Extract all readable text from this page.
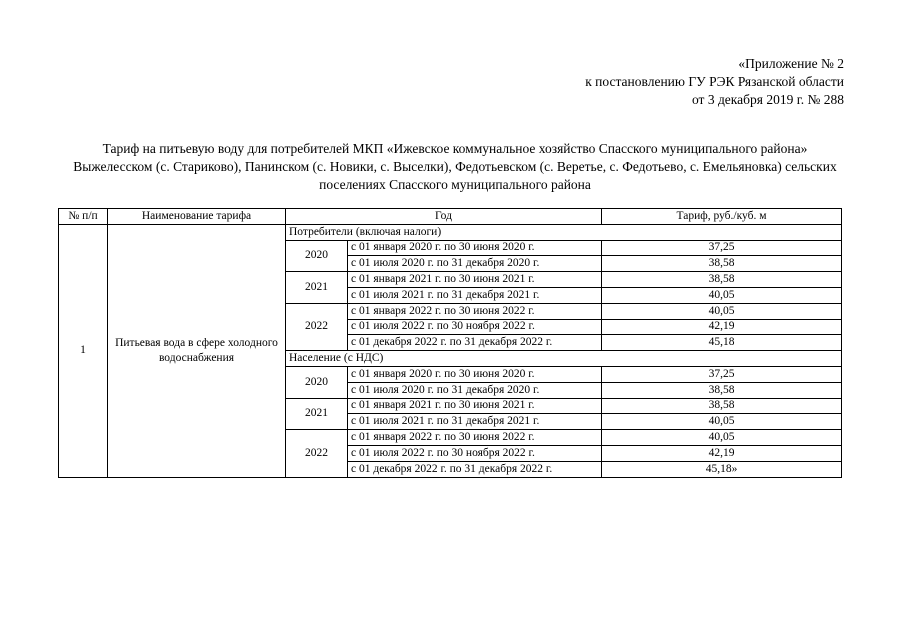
«Приложение № 2
к постановлению ГУ РЭК Рязанской области
от 3 декабря 2019 г. № 288
Тариф на питьевую воду для потребителей МКП «Ижевское коммунальное хозяйство Спасского муниципального района» Выжелесском (с. Стариково), Панинском (с. Новики, с. Выселки), Федотьевском (с. Веретье, с. Федотьево, с. Емельяновка) сельских поселениях Спасского муниципального района
№ п/п	Наименование тарифа	Год		Тариф, руб./куб. м
1	Питьевая вода в сфере холодного водоснабжения	Потребители (включая налоги)		
		2020	с 01 января 2020 г. по 30 июня 2020 г.	37,25
			с 01 июля 2020 г. по 31 декабря 2020 г.	38,58
		2021	с 01 января 2021 г. по 30 июня 2021 г.	38,58
			с 01 июля 2021 г. по 31 декабря 2021 г.	40,05
		2022	с 01 января 2022 г. по 30 июня 2022 г.	40,05
			с 01 июля 2022 г. по 30 ноября 2022 г.	42,19
			с 01 декабря 2022 г. по 31 декабря 2022 г.	45,18
		Население (с НДС)		
		2020	с 01 января 2020 г. по 30 июня 2020 г.	37,25
			с 01 июля 2020 г. по 31 декабря 2020 г.	38,58
		2021	с 01 января 2021 г. по 30 июня 2021 г.	38,58
			с 01 июля 2021 г. по 31 декабря 2021 г.	40,05
		2022	с 01 января 2022 г. по 30 июня 2022 г.	40,05
			с 01 июля 2022 г. по 30 ноября 2022 г.	42,19
			с 01 декабря 2022 г. по 31 декабря 2022 г.	45,18»
